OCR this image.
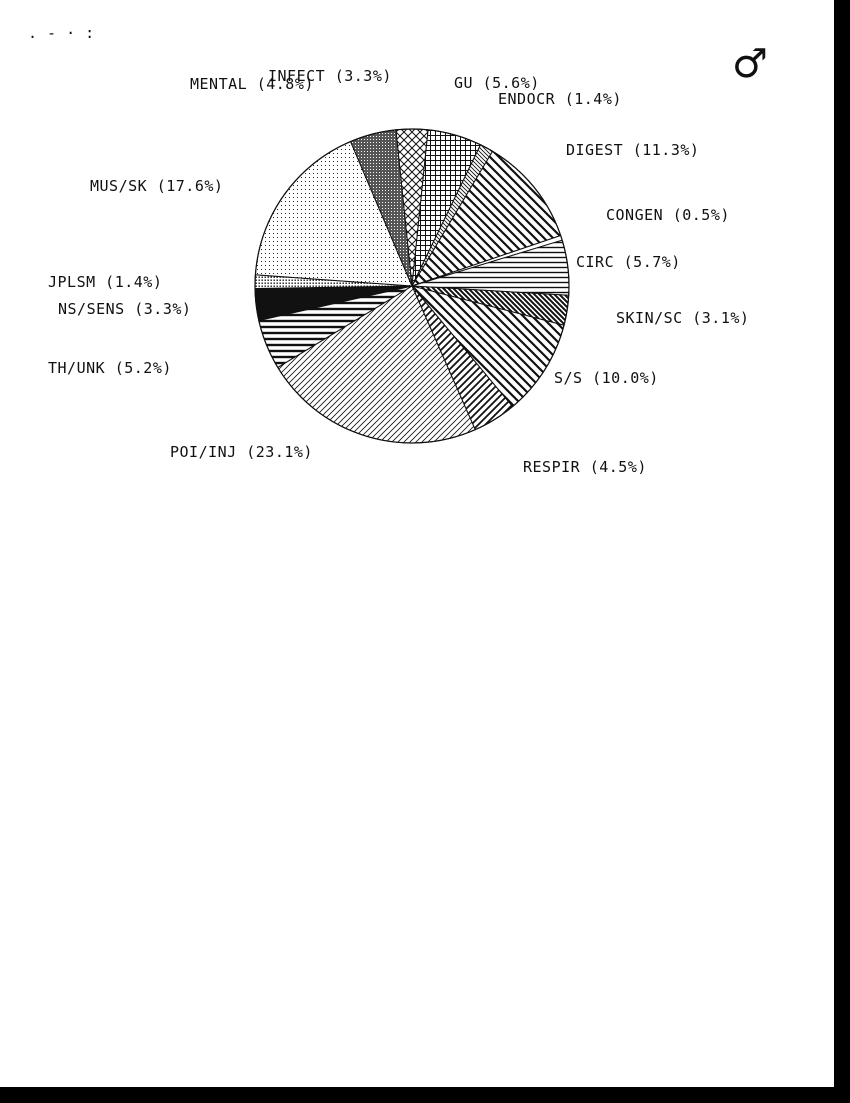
INFECT (3.3%)	GU (5.6%)
ENDOCR (1.4%)
DIGEST (11.3%)
CONGEN (0.5%)
CIRC (5.7%)
SKIN/SC (3.1%)
S/S (10.0%)
RESPIR (4.5%)
POI/INJ (23.1%)
TH/UNK (5.2%)
NS/SENS (3.3%)
JPLSM (1.4%)
MUS/SK (17.6%)
MENTAL (4.8%)
. - · :
♂
